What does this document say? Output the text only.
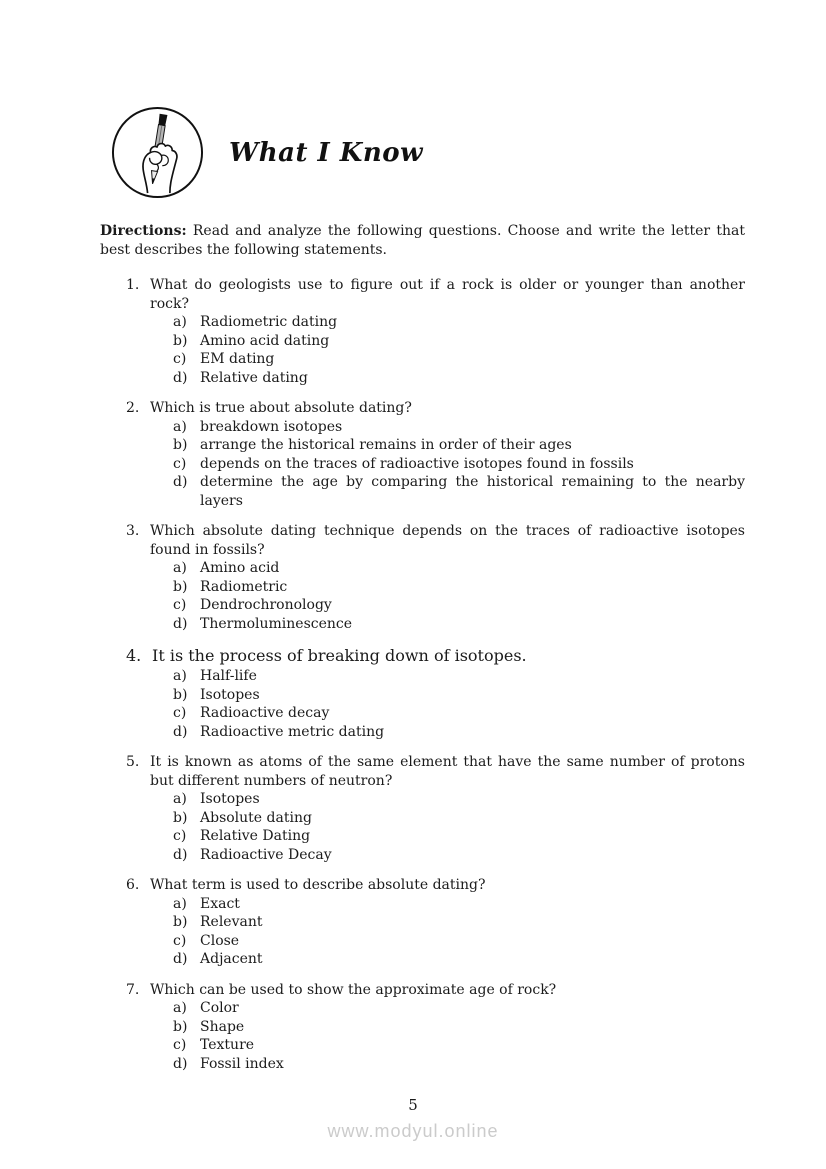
What I Know

Directions: Read and analyze the following questions. Choose and write the letter that best describes the following statements.

1. What do geologists use to figure out if a rock is older or younger than another rock?
a) Radiometric dating
b) Amino acid dating
c) EM dating
d) Relative dating
2. Which is true about absolute dating?
a) breakdown isotopes
b) arrange the historical remains in order of their ages
c) depends on the traces of radioactive isotopes found in fossils
d) determine the age by comparing the historical remaining to the nearby layers
3. Which absolute dating technique depends on the traces of radioactive isotopes found in fossils?
a) Amino acid
b) Radiometric
c) Dendrochronology
d) Thermoluminescence
4. It is the process of breaking down of isotopes.
a) Half-life
b) Isotopes
c) Radioactive decay
d) Radioactive metric dating
5. It is known as atoms of the same element that have the same number of protons but different numbers of neutron?
a) Isotopes
b) Absolute dating
c) Relative Dating
d) Radioactive Decay
6. What term is used to describe absolute dating?
a) Exact
b) Relevant
c) Close
d) Adjacent
7. Which can be used to show the approximate age of rock?
a) Color
b) Shape
c) Texture
d) Fossil index
5
www.modyul.online
